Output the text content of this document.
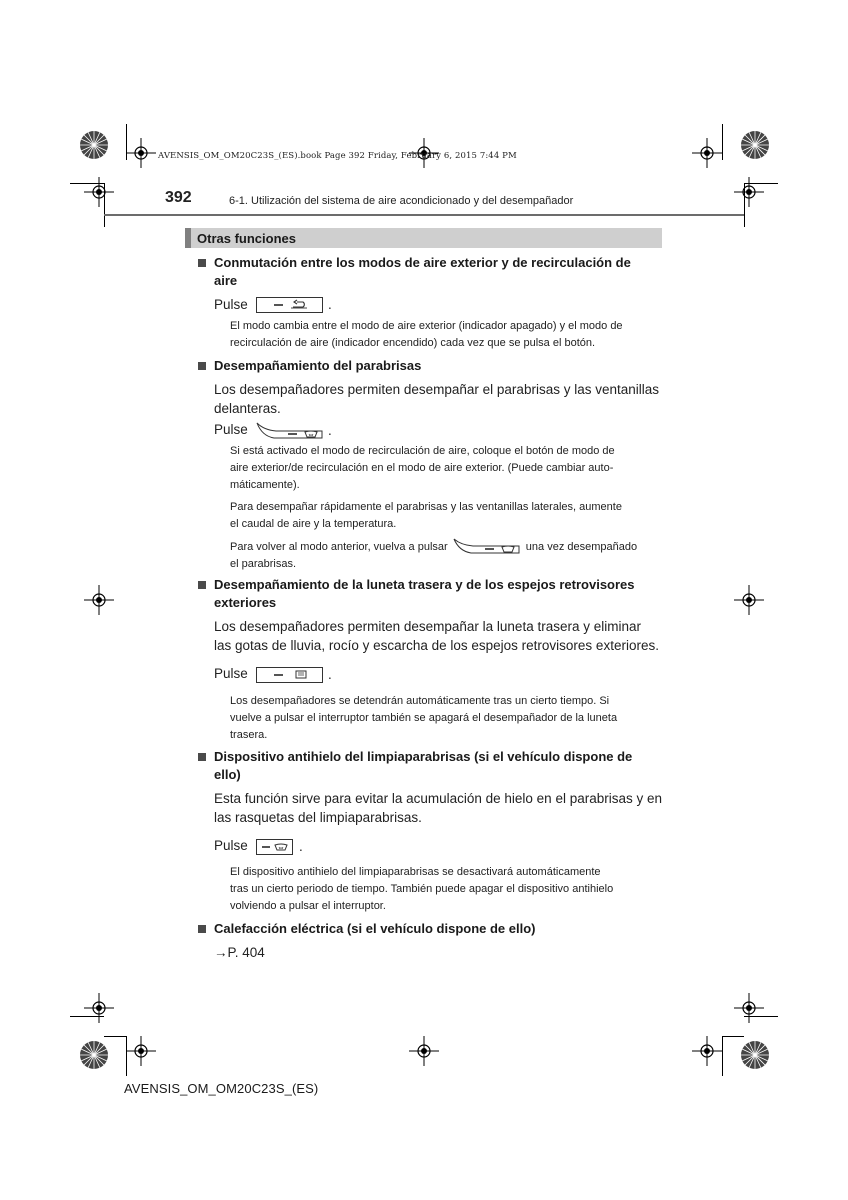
AVENSIS_OM_OM20C23S_(ES).book Page 392 Friday, February 6, 2015 7:44 PM
392	6-1. Utilización del sistema de aire acondicionado y del desempañador
Otras funciones
Conmutación entre los modos de aire exterior y de recirculación de
aire
Pulse	.
El modo cambia entre el modo de aire exterior (indicador apagado) y el modo de
recirculación de aire (indicador encendido) cada vez que se pulsa el botón.
Desempañamiento del parabrisas
Los desempañadores permiten desempañar el parabrisas y las ventanillas
delanteras.
Pulse	.
Si está activado el modo de recirculación de aire, coloque el botón de modo de
aire exterior/de recirculación en el modo de aire exterior. (Puede cambiar auto-
máticamente).
Para desempañar rápidamente el parabrisas y las ventanillas laterales, aumente
el caudal de aire y la temperatura.
Para volver al modo anterior, vuelva a pulsar	una vez desempañado
el parabrisas.
Desempañamiento de la luneta trasera y de los espejos retrovisores
exteriores
Los desempañadores permiten desempañar la luneta trasera y eliminar
las gotas de lluvia, rocío y escarcha de los espejos retrovisores exteriores.
Pulse	.
Los desempañadores se detendrán automáticamente tras un cierto tiempo. Si
vuelve a pulsar el interruptor también se apagará el desempañador de la luneta
trasera.
Dispositivo antihielo del limpiaparabrisas (si el vehículo dispone de
ello)
Esta función sirve para evitar la acumulación de hielo en el parabrisas y en
las rasquetas del limpiaparabrisas.
Pulse	.
El dispositivo antihielo del limpiaparabrisas se desactivará automáticamente
tras un cierto periodo de tiempo. También puede apagar el dispositivo antihielo
volviendo a pulsar el interruptor.
Calefacción eléctrica (si el vehículo dispone de ello)
→P. 404
AVENSIS_OM_OM20C23S_(ES)
